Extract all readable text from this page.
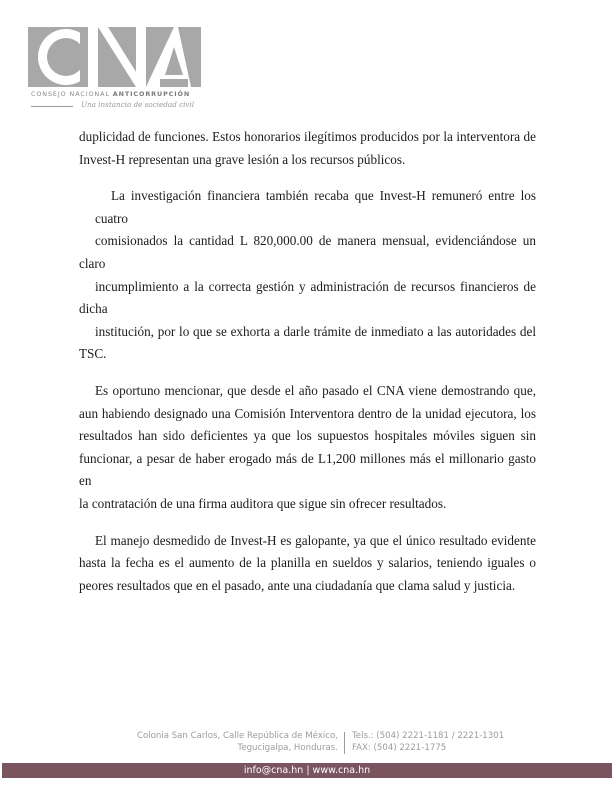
CONSEJO NACIONAL ANTICORRUPCIÓN
Una instancia de sociedad civil
duplicidad de funciones. Estos honorarios ilegítimos producidos por la interventora de
Invest-H representan una grave lesión a los recursos públicos.
La investigación financiera también recaba que Invest-H remuneró entre los cuatro
comisionados la cantidad L 820,000.00 de manera mensual, evidenciándose un claro
incumplimiento a la correcta gestión y administración de recursos financieros de dicha
institución, por lo que se exhorta a darle trámite de inmediato a las autoridades del TSC.
Es oportuno mencionar, que desde el año pasado el CNA viene demostrando que,
aun habiendo designado una Comisión Interventora dentro de la unidad ejecutora, los
resultados han sido deficientes ya que los supuestos hospitales móviles siguen sin
funcionar, a pesar de haber erogado más de L1,200 millones más el millonario gasto en
la contratación de una firma auditora que sigue sin ofrecer resultados.
El manejo desmedido de Invest-H es galopante, ya que el único resultado evidente
hasta la fecha es el aumento de la planilla en sueldos y salarios, teniendo iguales o
peores resultados que en el pasado, ante una ciudadanía que clama salud y justicia.
Colonia San Carlos, Calle República de México,
Tegucigalpa, Honduras.
Tels.: (504) 2221-1181 / 2221-1301
FAX: (504) 2221-1775
info@cna.hn | www.cna.hn
